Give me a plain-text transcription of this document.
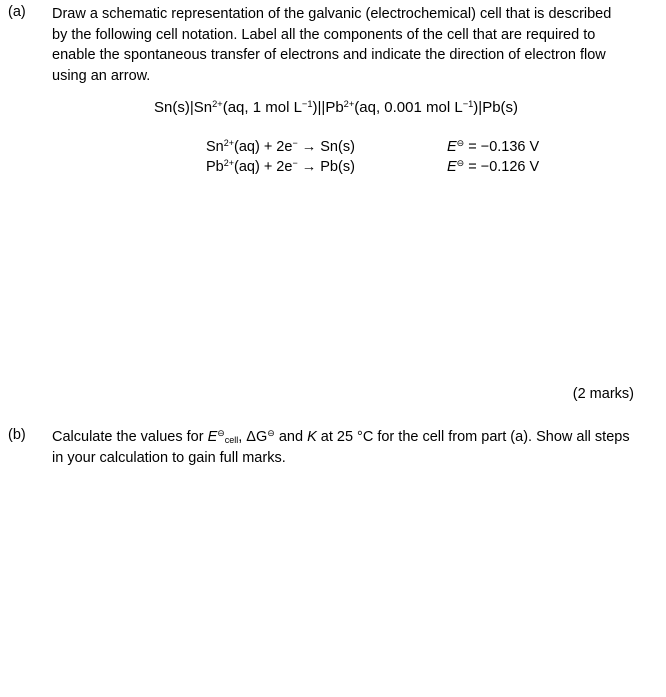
(a) Draw a schematic representation of the galvanic (electrochemical) cell that is described
by the following cell notation. Label all the components of the cell that are required to
enable the spontaneous transfer of electrons and indicate the direction of electron flow
using an arrow.
$Sn(s)|Sn^{2+}(aq$, 1 mol $L^{-1})||Pb^{2+}(aq$, 0.001 mol $L^{-1})|Pb(s)$
$Sn^{2+}(aq) + 2e^- \to Sn(s)$	E⊖ = −0.136 V
$Pb^{2+}(aq) + 2e^- \to Pb(s)$	E⊖ = −0.126 V
(2 marks)
(b) Calculate the values for $E^⊖_{cell}$, ΔG⊖ and K at 25 °C for the cell from part (a). Show all steps
in your calculation to gain full marks.
